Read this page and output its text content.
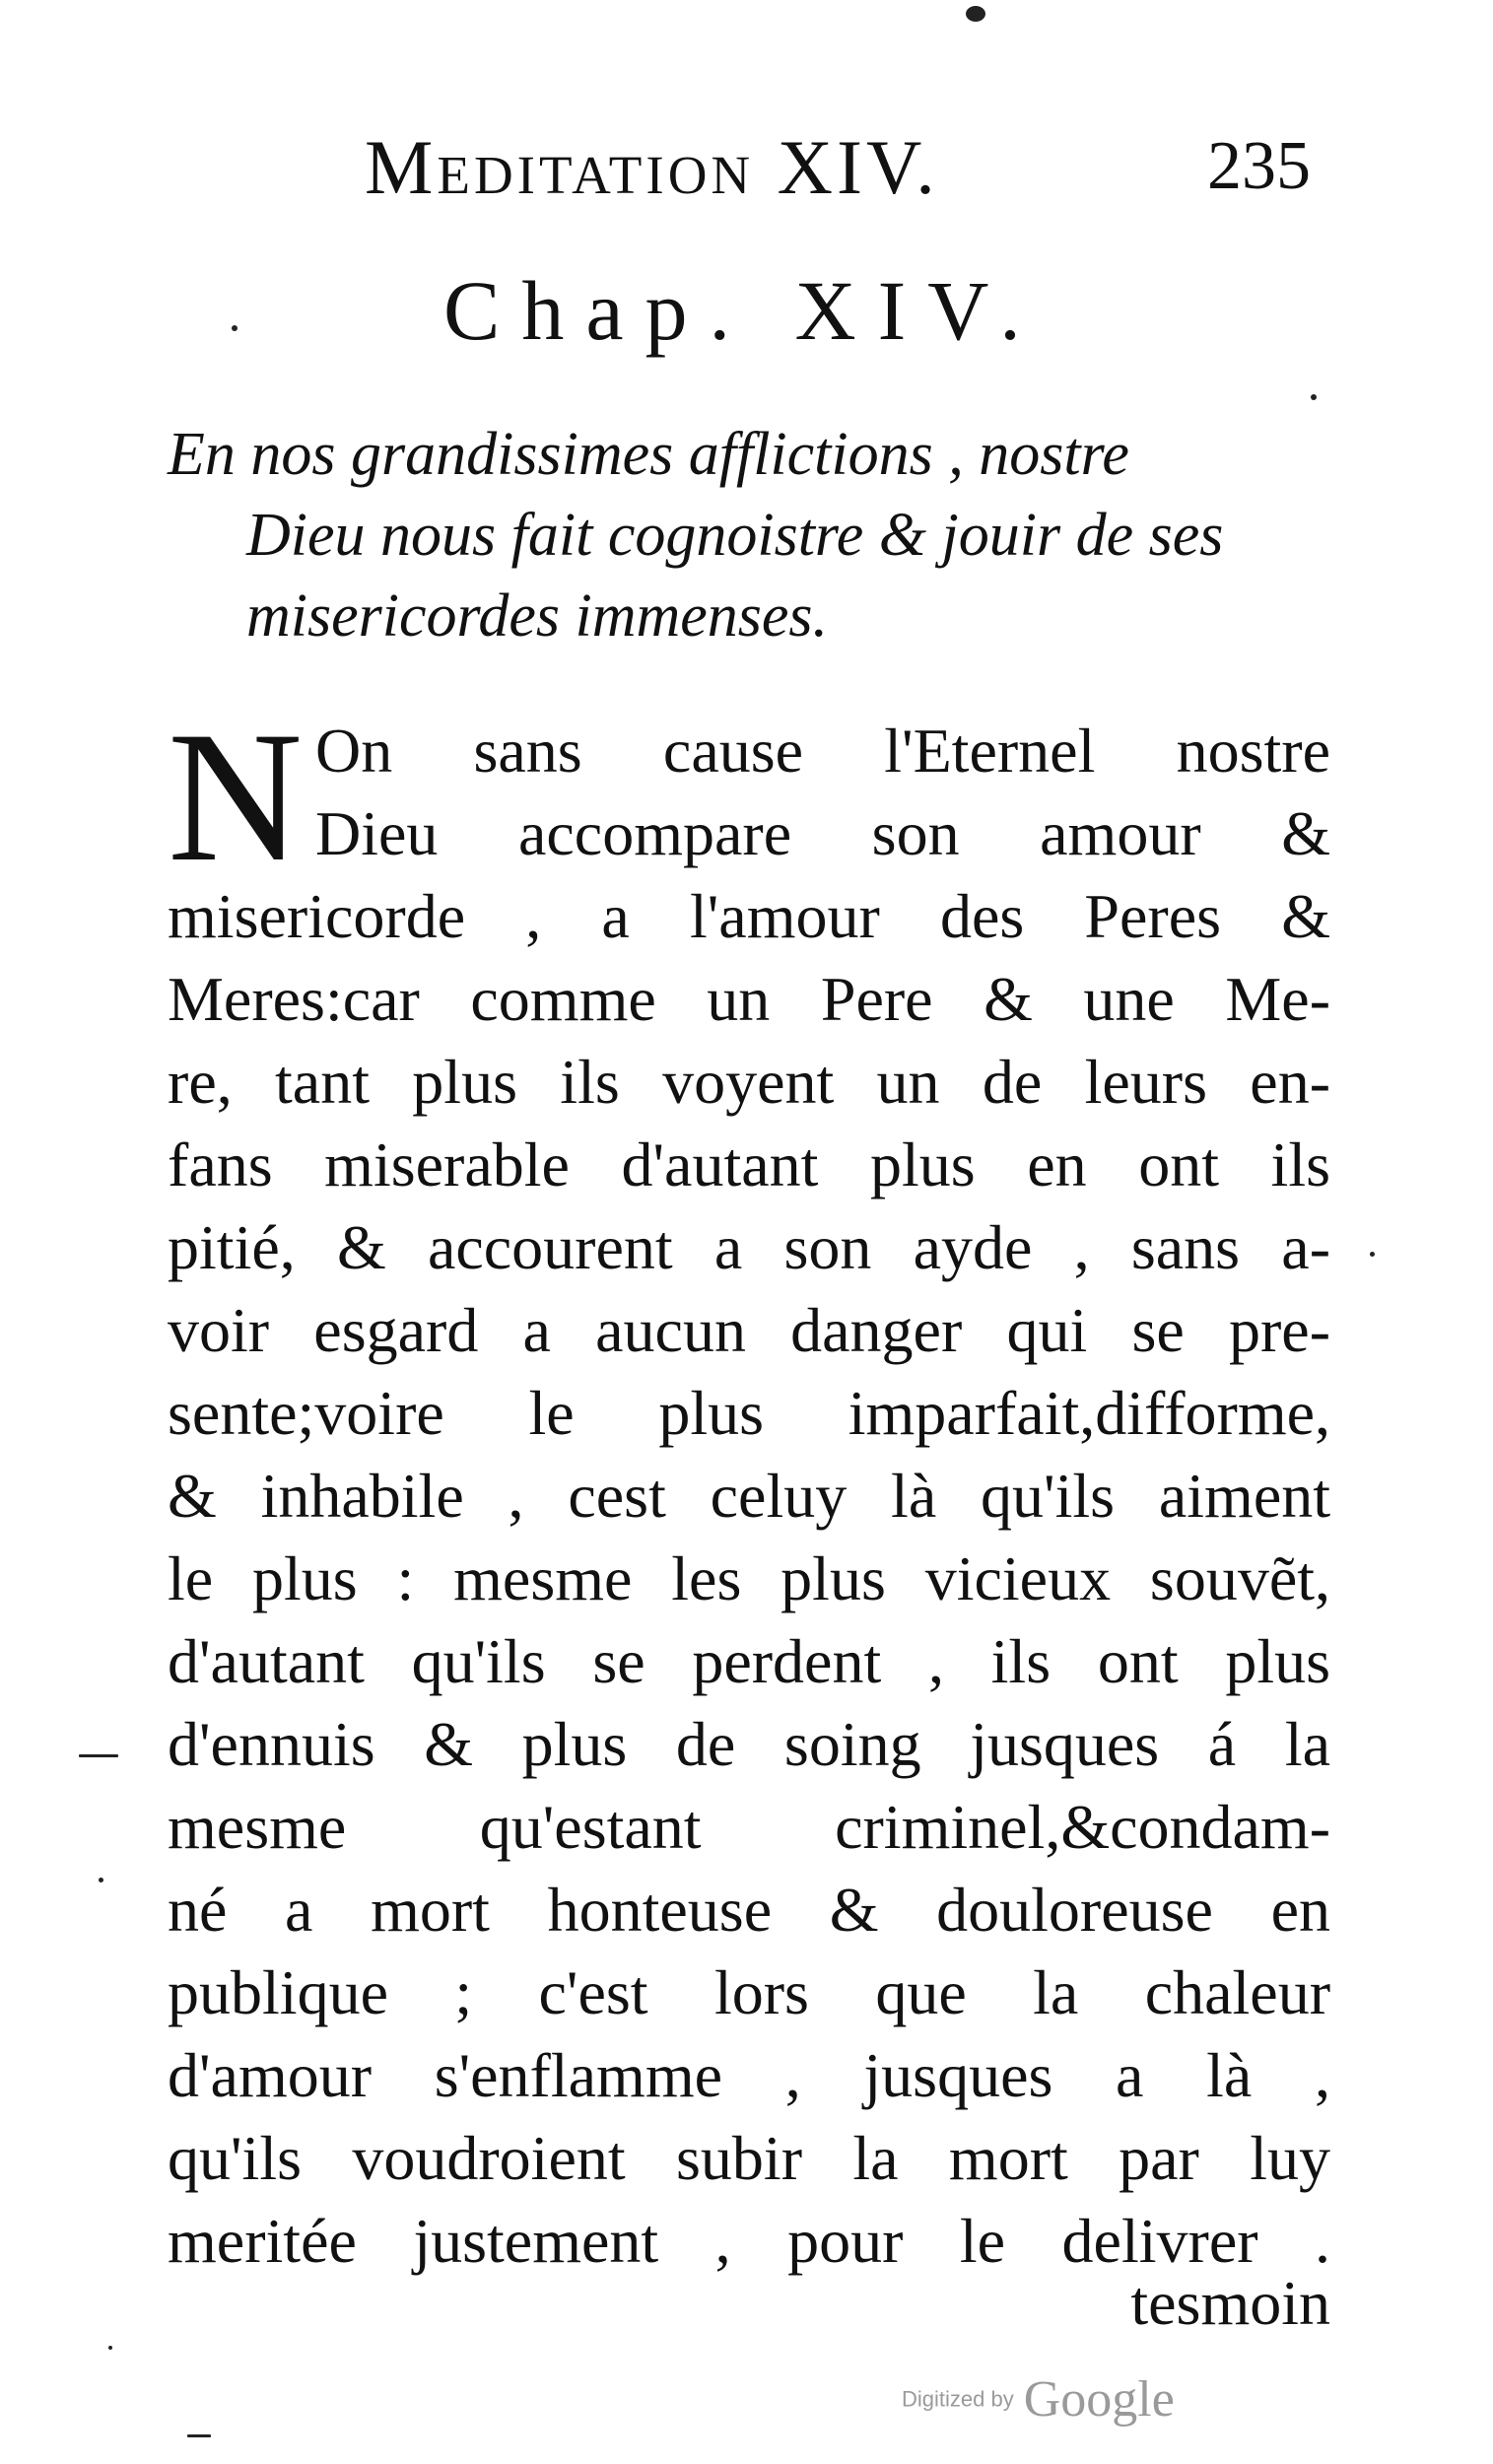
Meditation XIV.	235
Chap. XIV.
En nos grandissimes afflictions , nostre
Dieu nous fait cognoistre & jouir de ses
misericordes immenses.
N On sans cause l'Eternel nostre
Dieu accompare son amour &
misericorde , a l'amour des Peres &
Meres:car comme un Pere & une Me-
re, tant plus ils voyent un de leurs en-
fans miserable d'autant plus en ont ils
pitié, & accourent a son ayde , sans a-
voir esgard a aucun danger qui se pre-
sente;voire le plus imparfait,difforme,
& inhabile , cest celuy là qu'ils aiment
le plus : mesme les plus vicieux souvẽt,
d'autant qu'ils se perdent , ils ont plus
d'ennuis & plus de soing jusques á la
mesme qu'estant criminel,&condam-
né a mort honteuse & douloreuse en
publique ; c'est lors que la chaleur
d'amour s'enflamme , jusques a là ,
qu'ils voudroient subir la mort par luy
meritée justement , pour le delivrer .
tesmoin
Digitized by Google
